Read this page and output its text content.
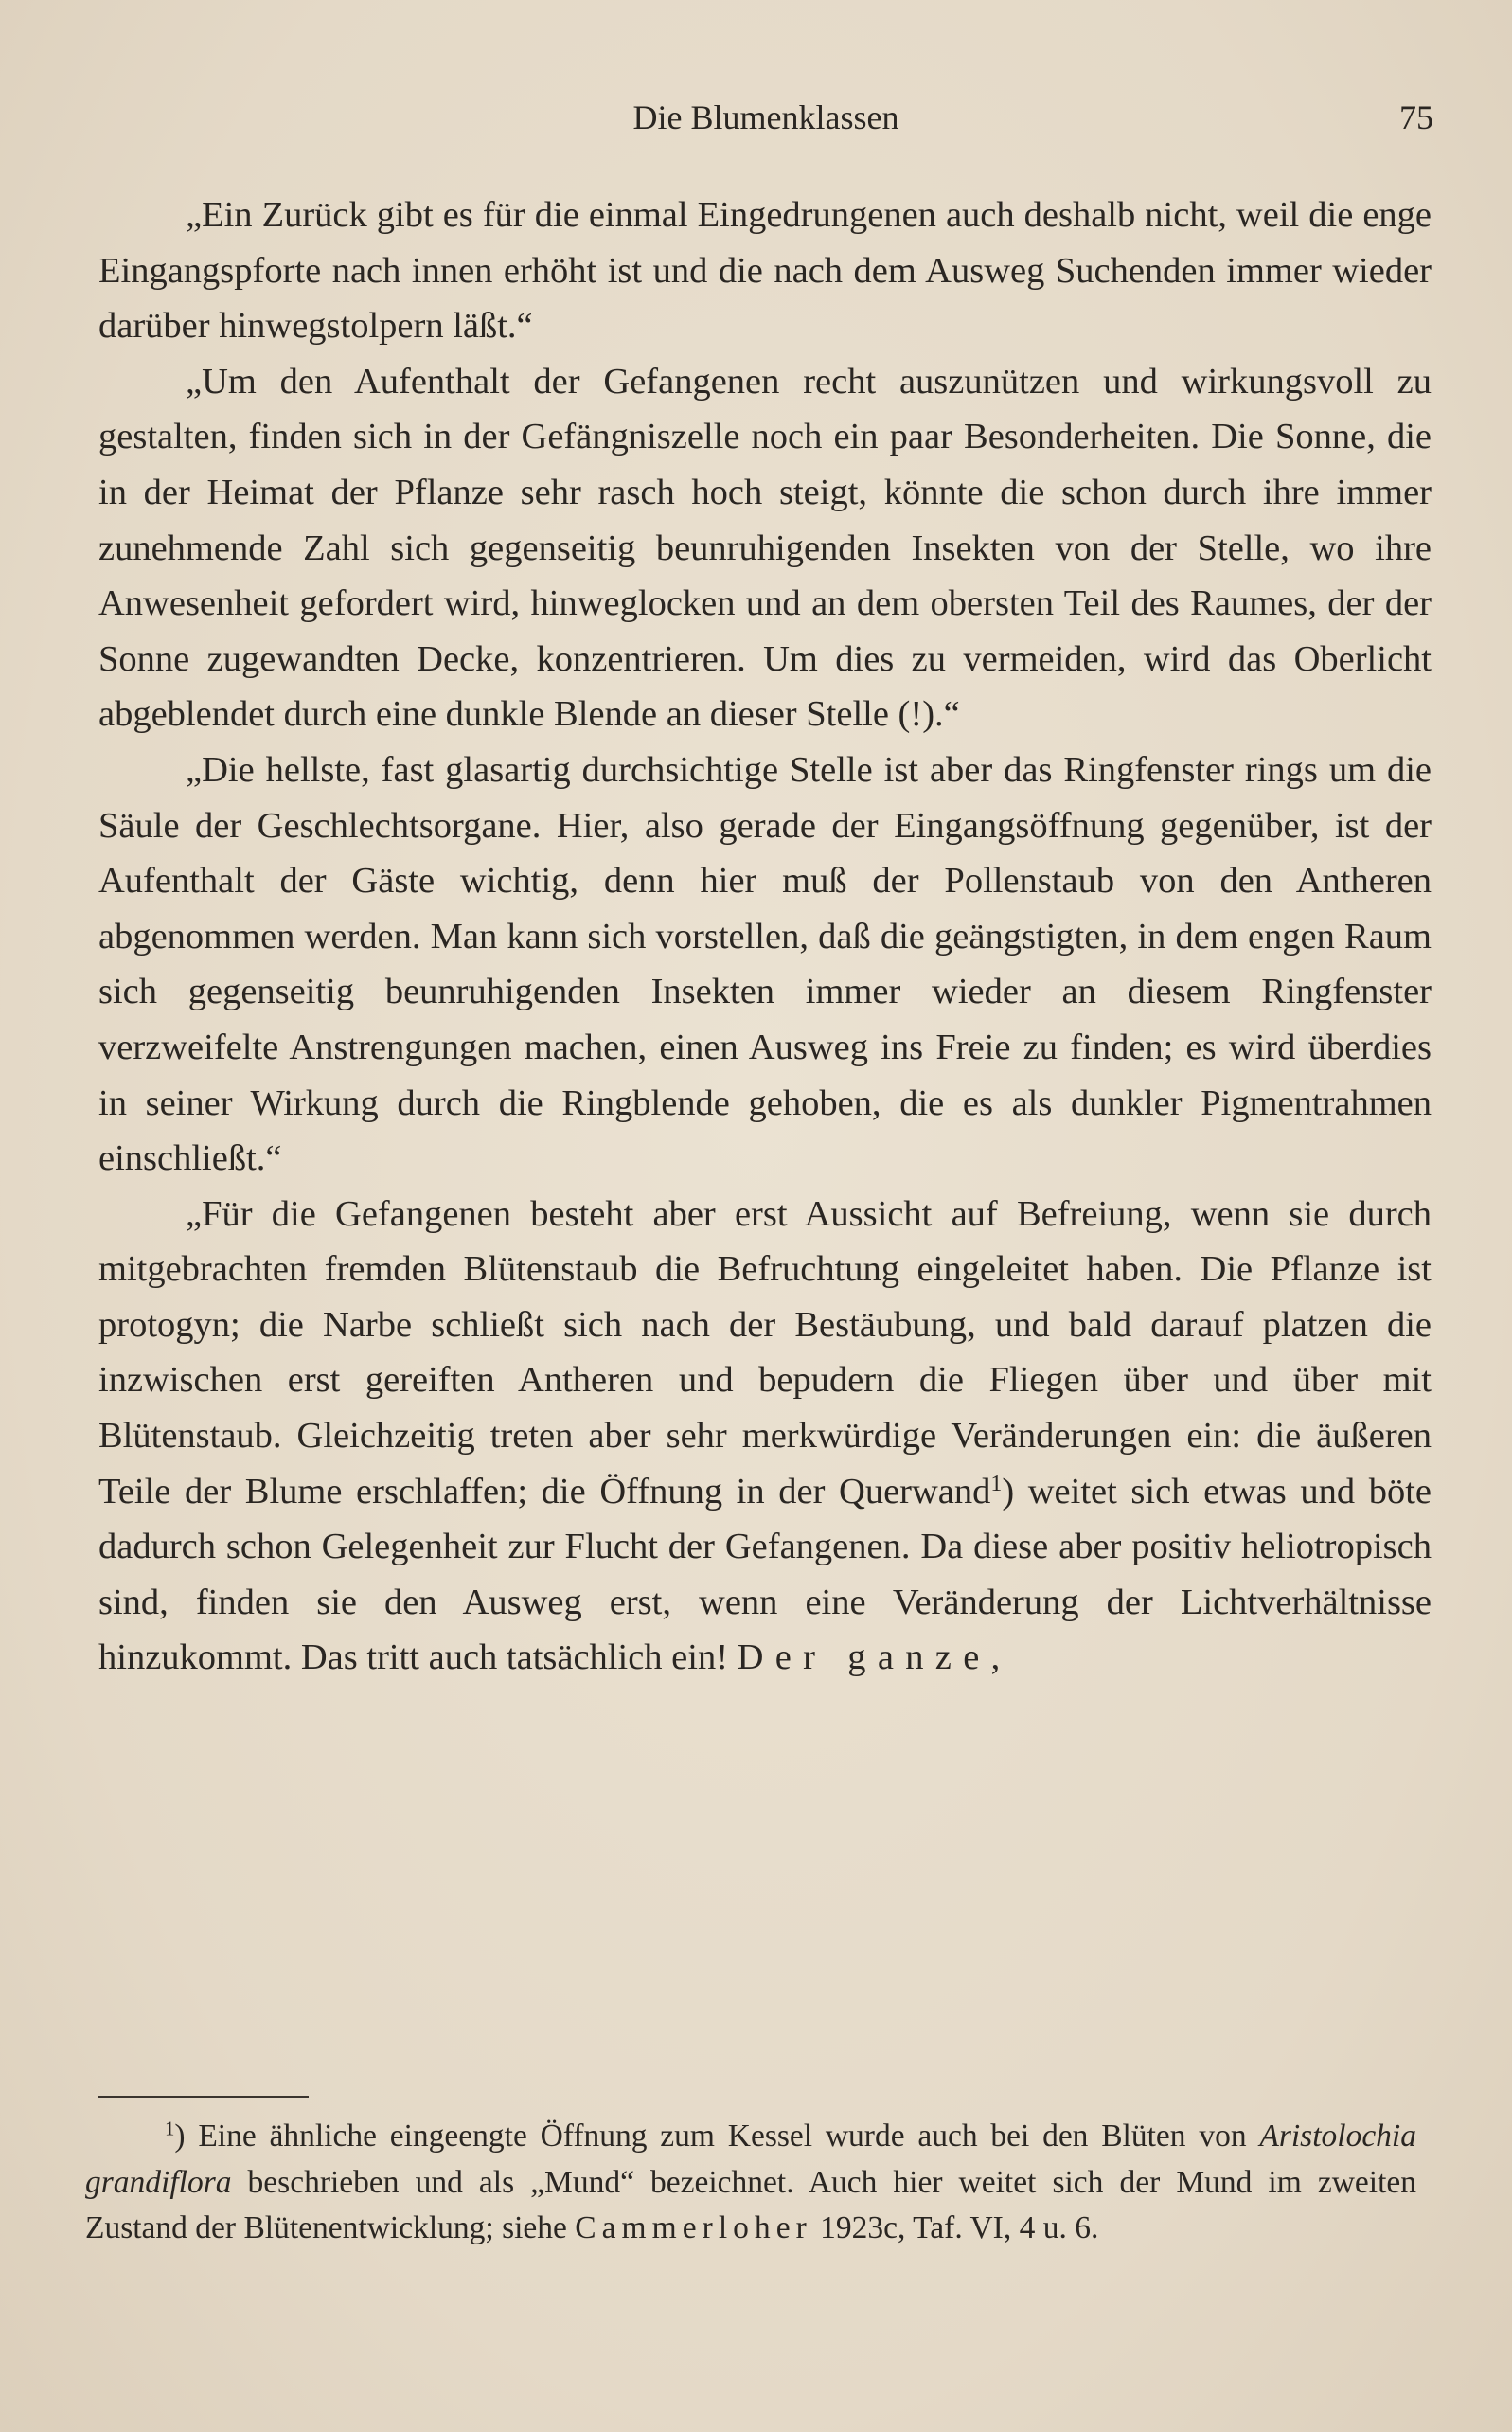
Die Blumenklassen	75

„Ein Zurück gibt es für die einmal Eingedrungenen auch deshalb nicht, weil die enge Eingangspforte nach innen erhöht ist und die nach dem Ausweg Suchenden immer wieder darüber hinwegstolpern läßt.“

„Um den Aufenthalt der Gefangenen recht auszunützen und wirkungsvoll zu gestalten, finden sich in der Gefängniszelle noch ein paar Besonderheiten. Die Sonne, die in der Heimat der Pflanze sehr rasch hoch steigt, könnte die schon durch ihre immer zunehmende Zahl sich gegenseitig beunruhigenden Insekten von der Stelle, wo ihre Anwesenheit gefordert wird, hinweglocken und an dem obersten Teil des Raumes, der der Sonne zugewandten Decke, konzentrieren. Um dies zu vermeiden, wird das Oberlicht abgeblendet durch eine dunkle Blende an dieser Stelle (!).“

„Die hellste, fast glasartig durchsichtige Stelle ist aber das Ringfenster rings um die Säule der Geschlechtsorgane. Hier, also gerade der Eingangsöffnung gegenüber, ist der Aufenthalt der Gäste wichtig, denn hier muß der Pollenstaub von den Antheren abgenommen werden. Man kann sich vorstellen, daß die geängstigten, in dem engen Raum sich gegenseitig beunruhigenden Insekten immer wieder an diesem Ringfenster verzweifelte Anstrengungen machen, einen Ausweg ins Freie zu finden; es wird überdies in seiner Wirkung durch die Ringblende gehoben, die es als dunkler Pigmentrahmen einschließt.“

„Für die Gefangenen besteht aber erst Aussicht auf Befreiung, wenn sie durch mitgebrachten fremden Blütenstaub die Befruchtung eingeleitet haben. Die Pflanze ist protogyn; die Narbe schließt sich nach der Bestäubung, und bald darauf platzen die inzwischen erst gereiften Antheren und bepudern die Fliegen über und über mit Blütenstaub. Gleichzeitig treten aber sehr merkwürdige Veränderungen ein: die äußeren Teile der Blume erschlaffen; die Öffnung in der Querwand$^1$) weitet sich etwas und böte dadurch schon Gelegenheit zur Flucht der Gefangenen. Da diese aber positiv heliotropisch sind, finden sie den Ausweg erst, wenn eine Veränderung der Lichtverhältnisse hinzukommt. Das tritt auch tatsächlich ein! Der ganze,

$^1$) Eine ähnliche eingeengte Öffnung zum Kessel wurde auch bei den Blüten von Aristolochia grandiflora beschrieben und als „Mund“ bezeichnet. Auch hier weitet sich der Mund im zweiten Zustand der Blütenentwicklung; siehe Cammerloher 1923c, Taf. VI, 4 u. 6.
